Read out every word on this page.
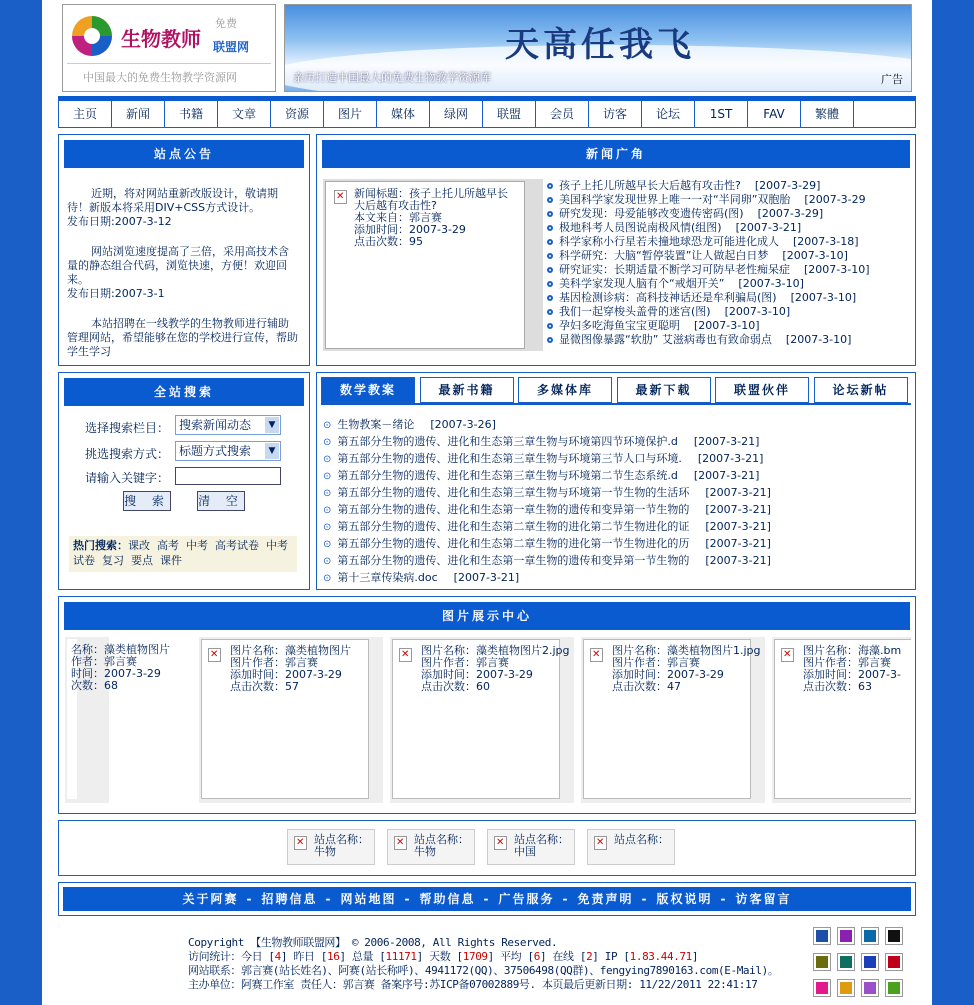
生物教师
免费
联盟网
中国最大的免费生物教学资源网
天高任我飞
亲历打造中国最大的免费生物教学资源库	广告
主页	新闻	书籍	文章	资源	图片	媒体	绿网	联盟	会员	访客	论坛	1ST	FAV	繁體
站点公告

近期，将对网站重新改版设计，敬请期待！新版本将采用DIV+CSS方式设计。

发布日期:2007-3-12

网站浏览速度提高了三倍，采用高技术含量的静态组合代码，浏览快速，方便！欢迎回来。

发布日期:2007-3-1

本站招聘在一线教学的生物教师进行辅助管理网站，希望能够在您的学校进行宣传，帮助学生学习

新闻广角
✕
新闻标题：孩子上托儿所越早长大后越有攻击性?
本文来自：郭言赛
添加时间：2007-3-29
点击次数：95
孩子上托儿所越早长大后越有攻击性? [2007-3-29]
美国科学家发现世界上唯一一对“半同卵”双胞胎 [2007-3-29
研究发现：母爱能够改变遗传密码(图) [2007-3-29]
极地科考人员图说南极风情(组图) [2007-3-21]
科学家称小行星若未撞地球恐龙可能进化成人 [2007-3-18]
科学研究：大脑“暂停装置”让人做起白日梦 [2007-3-10]
研究证实：长期适量不断学习可防早老性痴呆症 [2007-3-10]
美科学家发现人脑有个“戒烟开关” [2007-3-10]
基因检测诊病：高科技神话还是牟利骗局(图) [2007-3-10]
我们一起穿梭头盖骨的迷宫(图) [2007-3-10]
孕妇多吃海鱼宝宝更聪明 [2007-3-10]
显微图像暴露“软肋” 艾滋病毒也有致命弱点 [2007-3-10]
全站搜索
选择搜索栏目： 搜索新闻动态	▼
挑选搜索方式： 标题方式搜索	▼
请输入关键字：
搜 索 清 空
热门搜索：课改 高考 中考 高考试卷 中考试卷 复习 要点 课件
数学教案	最新书籍	多媒体库	最新下载	联盟伙伴	论坛新帖
⊙ 生物教案－绪论 [2007-3-26]
⊙ 第五部分生物的遗传、进化和生态第三章生物与环境第四节环境保护.d [2007-3-21]
⊙ 第五部分生物的遗传、进化和生态第三章生物与环境第三节人口与环境. [2007-3-21]
⊙ 第五部分生物的遗传、进化和生态第三章生物与环境第二节生态系统.d [2007-3-21]
⊙ 第五部分生物的遗传、进化和生态第三章生物与环境第一节生物的生活环 [2007-3-21]
⊙ 第五部分生物的遗传、进化和生态第一章生物的遗传和变异第一节生物的 [2007-3-21]
⊙ 第五部分生物的遗传、进化和生态第二章生物的进化第二节生物进化的证 [2007-3-21]
⊙ 第五部分生物的遗传、进化和生态第二章生物的进化第一节生物进化的历 [2007-3-21]
⊙ 第五部分生物的遗传、进化和生态第一章生物的遗传和变异第一节生物的 [2007-3-21]
⊙ 第十三章传染病.doc [2007-3-21]
图片展示中心
名称：藻类植物图片
作者：郭言赛
时间：2007-3-29
次数：68
✕
图片名称：藻类植物图片
图片作者：郭言赛
添加时间：2007-3-29
点击次数：57
✕
图片名称：藻类植物图片2.jpg
图片作者：郭言赛
添加时间：2007-3-29
点击次数：60
✕
图片名称：藻类植物图片1.jpg
图片作者：郭言赛
添加时间：2007-3-29
点击次数：47
✕
图片名称：海藻.bm
图片作者：郭言赛
添加时间：2007-3-
点击次数：63
✕
站点名称：牛物
✕
站点名称：牛物
✕
站点名称：中国
✕
站点名称：
关于阿赛 - 招聘信息 - 网站地图 - 帮助信息 - 广告服务 - 免责声明 - 版权说明 - 访客留言
Copyright 【生物教师联盟网】 © 2006-2008, All Rights Reserved.
访问统计：今日 [4] 昨日 [16] 总量 [11171] 天数 [1709] 平均 [6] 在线 [2] IP [1.83.44.71]
网站联系：郭言赛(站长姓名)、阿赛(站长称呼)、4941172(QQ)、37506498(QQ群)、fengying7890163.com(E-Mail)。
主办单位：阿赛工作室 责任人：郭言赛 备案序号:苏ICP备07002889号. 本页最后更新日期: 11/22/2011 22:41:17
